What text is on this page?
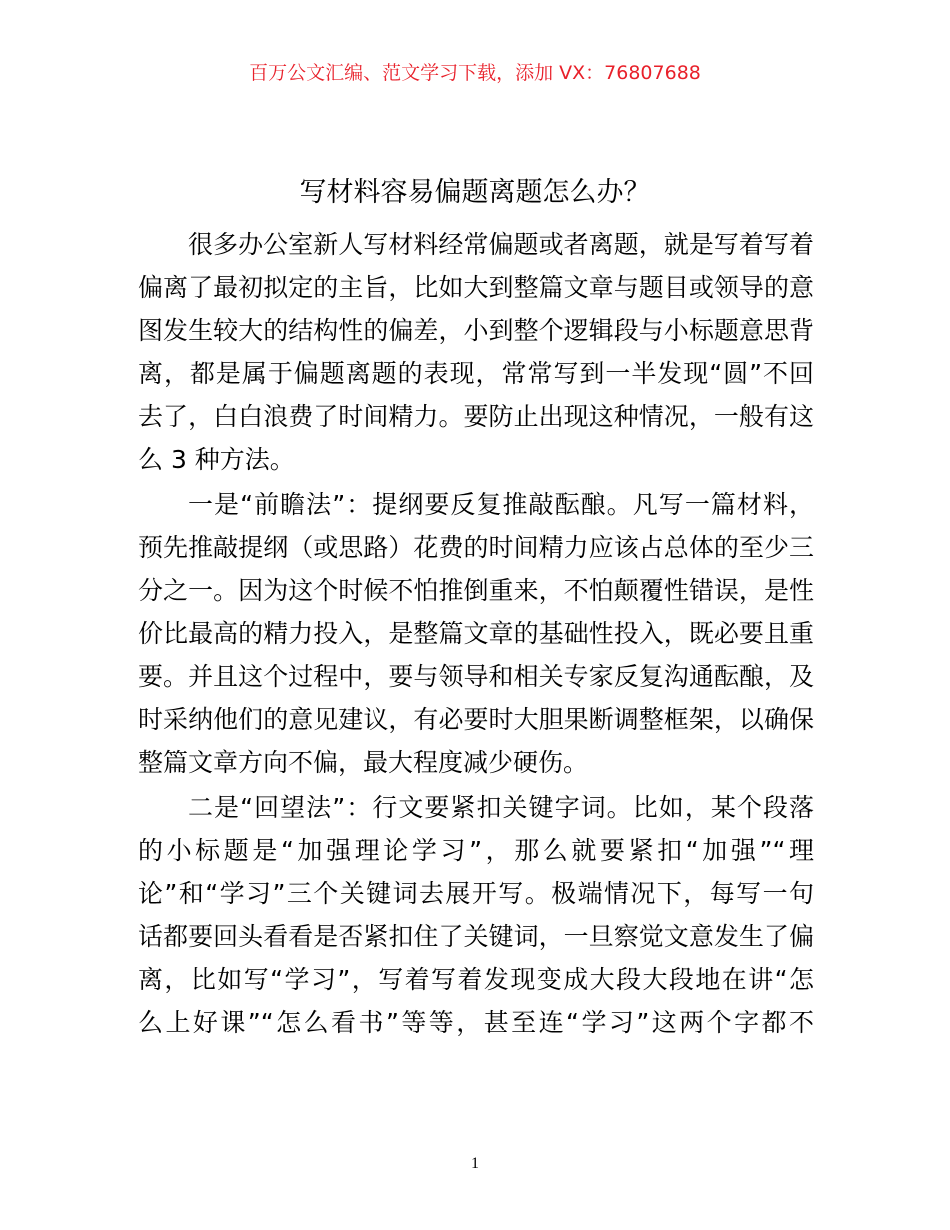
百万公文汇编、范文学习下载，添加 VX：76807688
写材料容易偏题离题怎么办？
很多办公室新人写材料经常偏题或者离题，就是写着写着
偏离了最初拟定的主旨，比如大到整篇文章与题目或领导的意
图发生较大的结构性的偏差，小到整个逻辑段与小标题意思背
离，都是属于偏题离题的表现，常常写到一半发现“圆”不回
去了，白白浪费了时间精力。要防止出现这种情况，一般有这
么 3 种方法。
一是“前瞻法”：提纲要反复推敲酝酿。凡写一篇材料，
预先推敲提纲（或思路）花费的时间精力应该占总体的至少三
分之一。因为这个时候不怕推倒重来，不怕颠覆性错误，是性
价比最高的精力投入，是整篇文章的基础性投入，既必要且重
要。并且这个过程中，要与领导和相关专家反复沟通酝酿，及
时采纳他们的意见建议，有必要时大胆果断调整框架，以确保
整篇文章方向不偏，最大程度减少硬伤。
二是“回望法”：行文要紧扣关键字词。比如，某个段落
的小标题是“加强理论学习”，那么就要紧扣“加强”“理
论”和“学习”三个关键词去展开写。极端情况下，每写一句
话都要回头看看是否紧扣住了关键词，一旦察觉文意发生了偏
离，比如写“学习”，写着写着发现变成大段大段地在讲“怎
么上好课”“怎么看书”等等，甚至连“学习”这两个字都不
1
